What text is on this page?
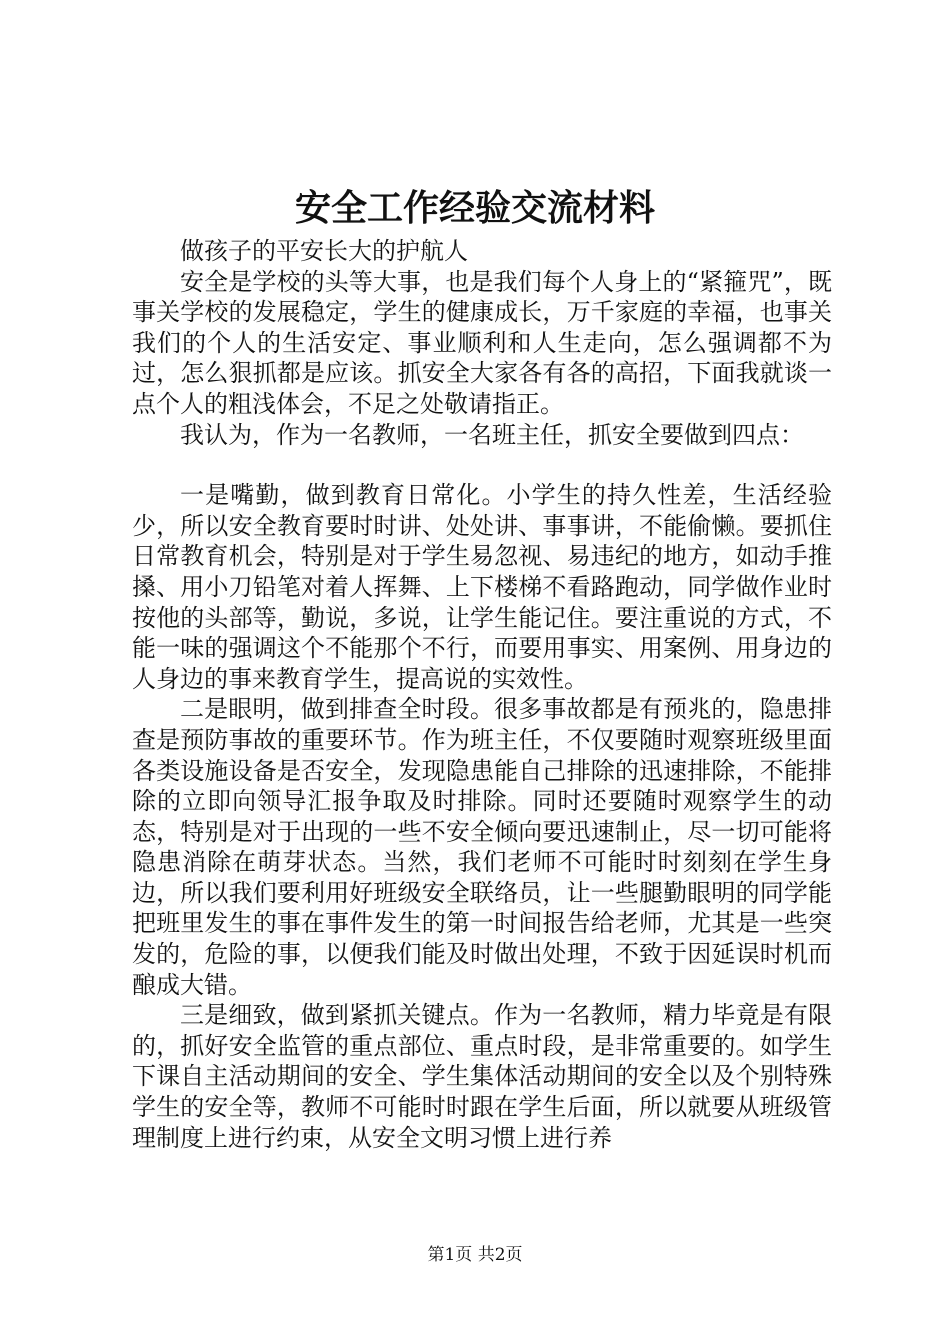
安全工作经验交流材料

做孩子的平安长大的护航人

安全是学校的头等大事，也是我们每个人身上的“紧箍咒”，既事关学校的发展稳定，学生的健康成长，万千家庭的幸福，也事关我们的个人的生活安定、事业顺利和人生走向，怎么强调都不为过，怎么狠抓都是应该。抓安全大家各有各的高招，下面我就谈一点个人的粗浅体会，不足之处敬请指正。

我认为，作为一名教师，一名班主任，抓安全要做到四点：

一是嘴勤，做到教育日常化。小学生的持久性差，生活经验少，所以安全教育要时时讲、处处讲、事事讲，不能偷懒。要抓住日常教育机会，特别是对于学生易忽视、易违纪的地方，如动手推搡、用小刀铅笔对着人挥舞、上下楼梯不看路跑动，同学做作业时按他的头部等，勤说，多说，让学生能记住。要注重说的方式，不能一味的强调这个不能那个不行，而要用事实、用案例、用身边的人身边的事来教育学生，提高说的实效性。

二是眼明，做到排查全时段。很多事故都是有预兆的，隐患排查是预防事故的重要环节。作为班主任，不仅要随时观察班级里面各类设施设备是否安全，发现隐患能自己排除的迅速排除，不能排除的立即向领导汇报争取及时排除。同时还要随时观察学生的动态，特别是对于出现的一些不安全倾向要迅速制止，尽一切可能将隐患消除在萌芽状态。当然，我们老师不可能时时刻刻在学生身边，所以我们要利用好班级安全联络员，让一些腿勤眼明的同学能把班里发生的事在事件发生的第一时间报告给老师，尤其是一些突发的，危险的事，以便我们能及时做出处理，不致于因延误时机而酿成大错。

三是细致，做到紧抓关键点。作为一名教师，精力毕竟是有限的，抓好安全监管的重点部位、重点时段，是非常重要的。如学生下课自主活动期间的安全、学生集体活动期间的安全以及个别特殊学生的安全等，教师不可能时时跟在学生后面，所以就要从班级管理制度上进行约束，从安全文明习惯上进行养

第1页 共2页
